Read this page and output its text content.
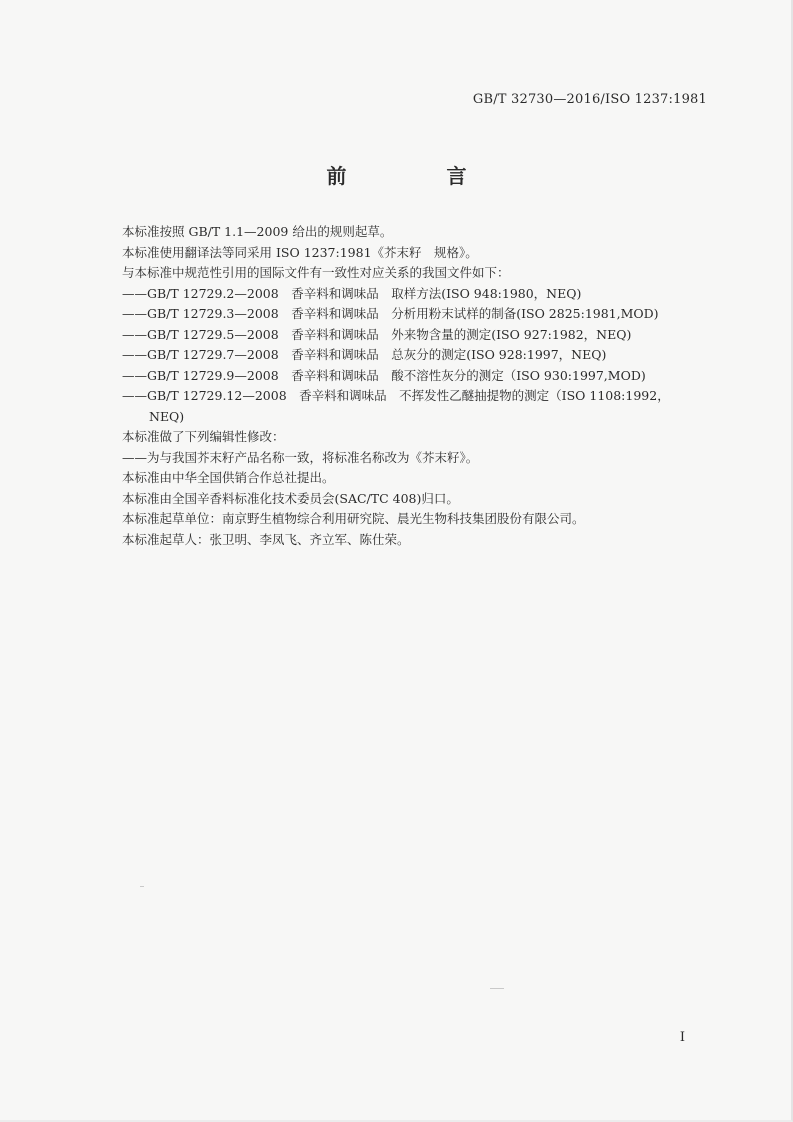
GB/T 32730—2016/ISO 1237:1981
前　言
本标准按照 GB/T 1.1—2009 给出的规则起草。
本标准使用翻译法等同采用 ISO 1237:1981《芥末籽　规格》。
与本标准中规范性引用的国际文件有一致性对应关系的我国文件如下：
——GB/T 12729.2—2008　香辛料和调味品　取样方法(ISO 948:1980，NEQ)
——GB/T 12729.3—2008　香辛料和调味品　分析用粉末试样的制备(ISO 2825:1981,MOD)
——GB/T 12729.5—2008　香辛料和调味品　外来物含量的测定(ISO 927:1982，NEQ)
——GB/T 12729.7—2008　香辛料和调味品　总灰分的测定(ISO 928:1997，NEQ)
——GB/T 12729.9—2008　香辛料和调味品　酸不溶性灰分的测定（ISO 930:1997,MOD)
——GB/T 12729.12—2008　香辛料和调味品　不挥发性乙醚抽提物的测定（ISO 1108:1992，
NEQ)
本标准做了下列编辑性修改：
——为与我国芥末籽产品名称一致，将标准名称改为《芥末籽》。
本标准由中华全国供销合作总社提出。
本标准由全国辛香料标准化技术委员会(SAC/TC 408)归口。
本标准起草单位：南京野生植物综合利用研究院、晨光生物科技集团股份有限公司。
本标准起草人：张卫明、李凤飞、齐立军、陈仕荣。
I
